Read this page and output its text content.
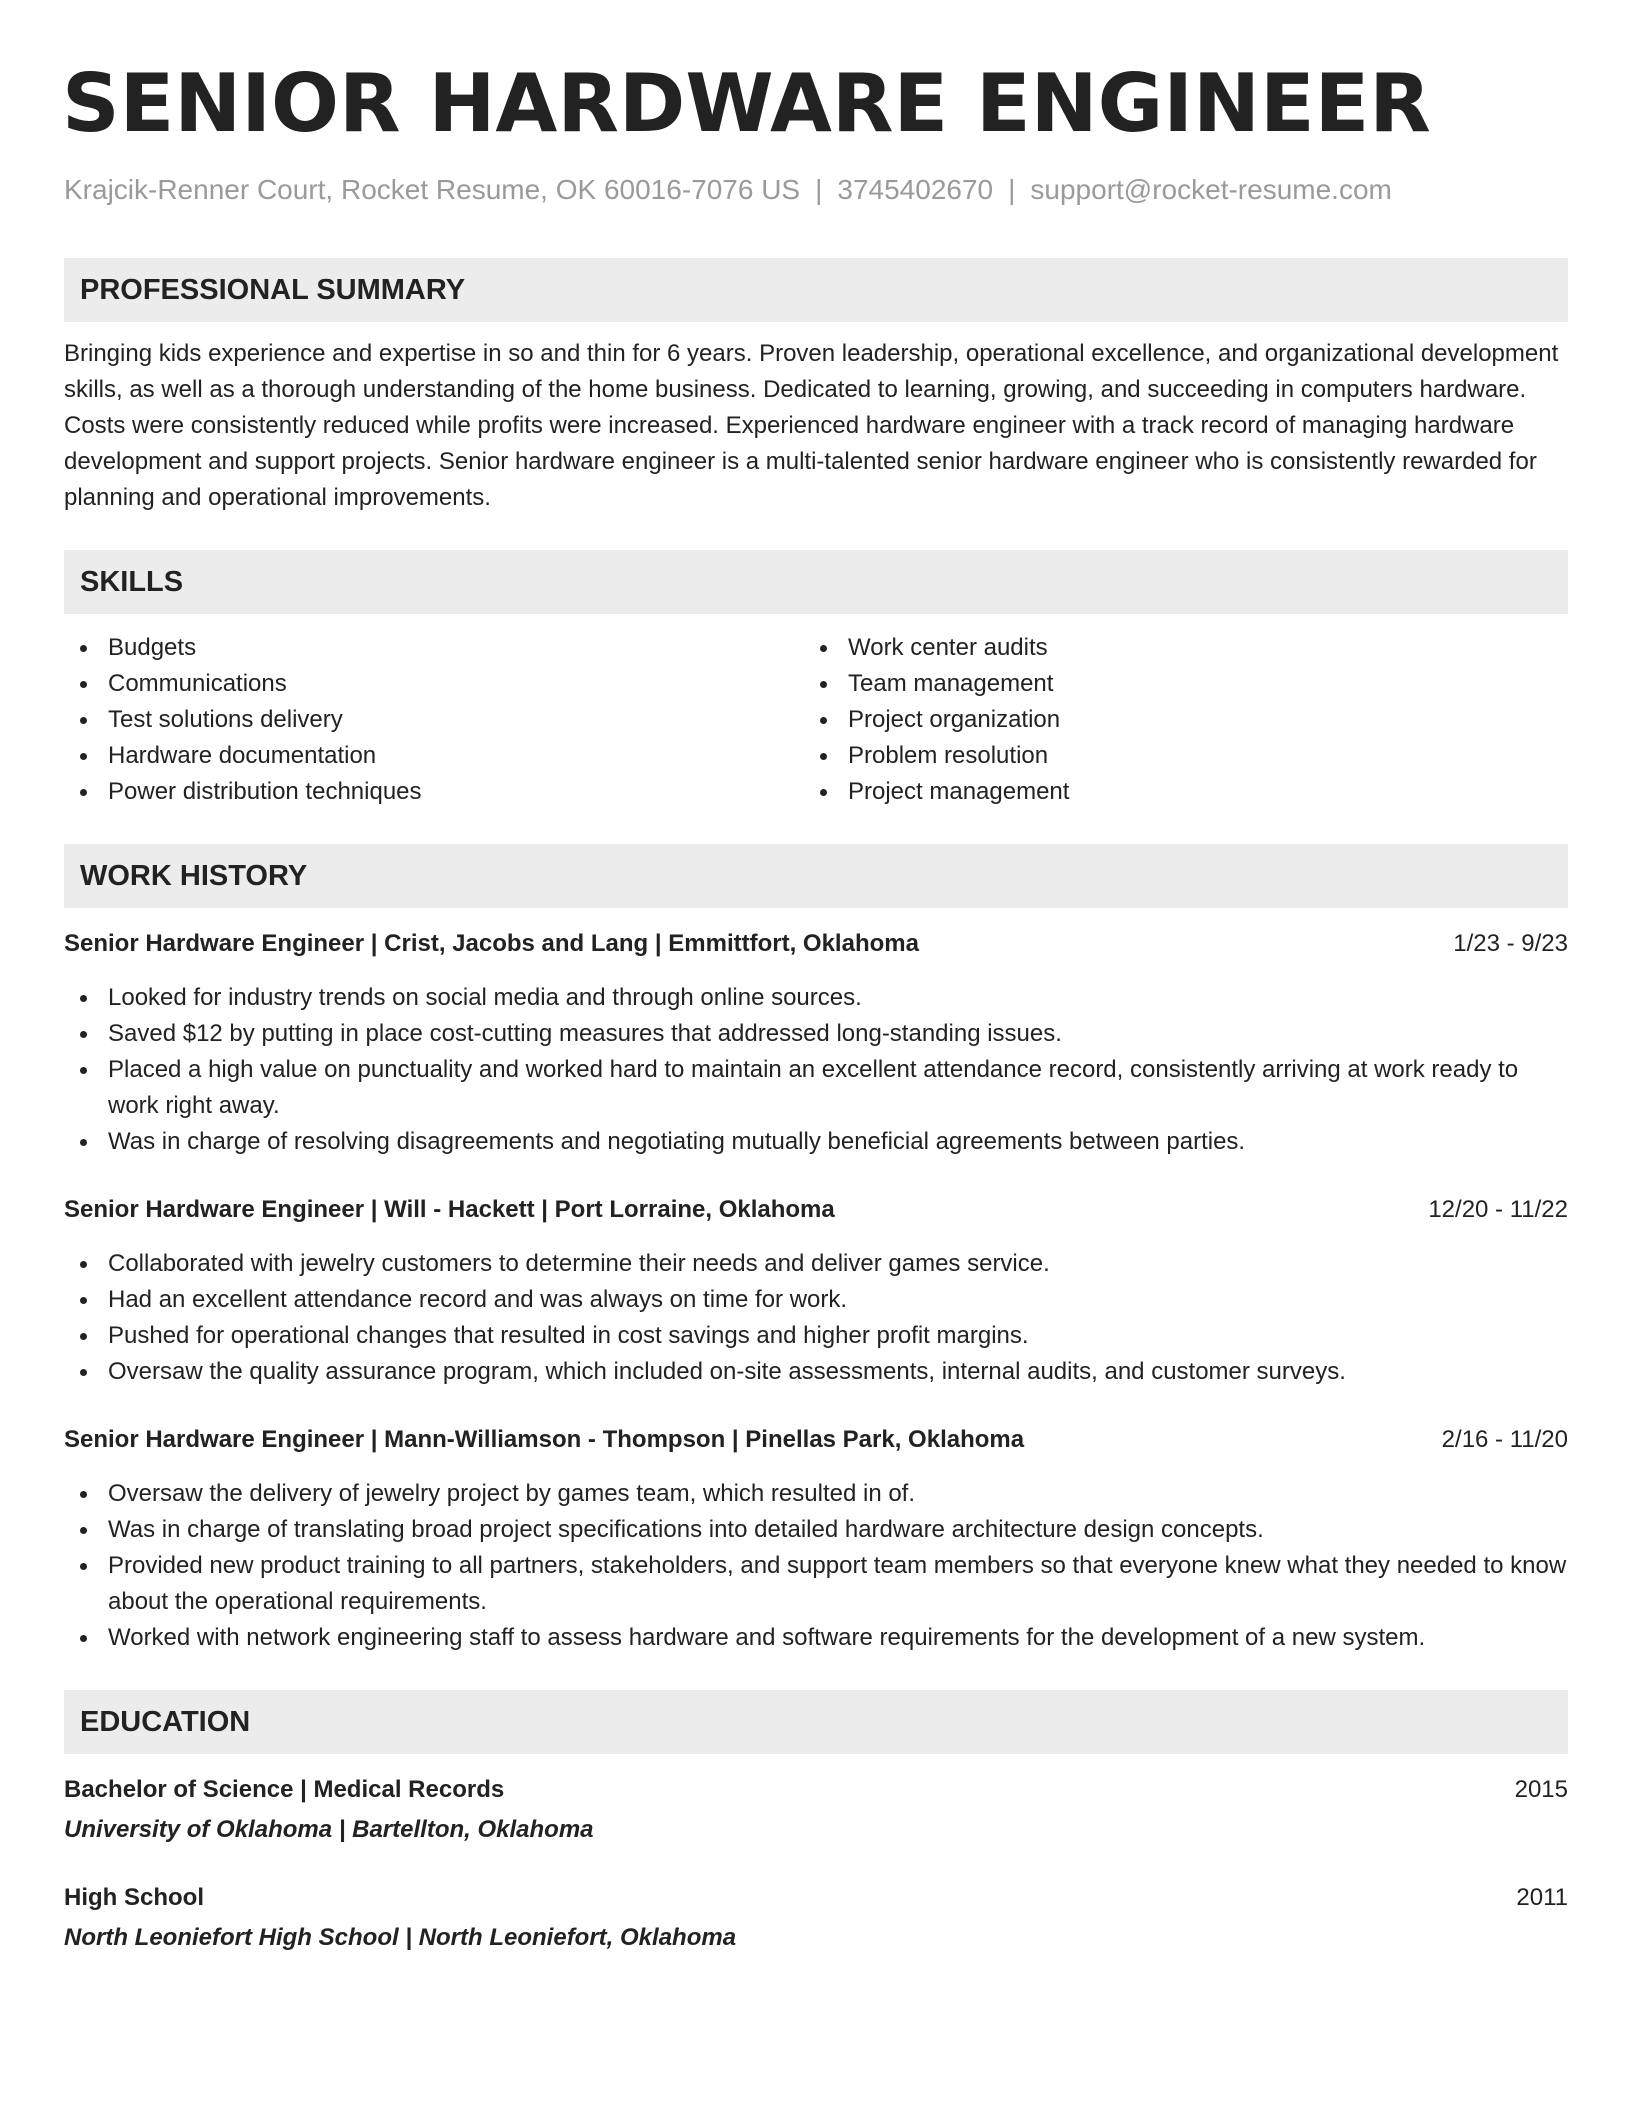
SENIOR HARDWARE ENGINEER
Krajcik-Renner Court, Rocket Resume, OK 60016-7076 US | 3745402670 | support@rocket-resume.com
PROFESSIONAL SUMMARY

Bringing kids experience and expertise in so and thin for 6 years. Proven leadership, operational excellence, and organizational development skills, as well as a thorough understanding of the home business. Dedicated to learning, growing, and succeeding in computers hardware. Costs were consistently reduced while profits were increased. Experienced hardware engineer with a track record of managing hardware development and support projects. Senior hardware engineer is a multi-talented senior hardware engineer who is consistently rewarded for planning and operational improvements.

SKILLS
Budgets
Communications
Test solutions delivery
Hardware documentation
Power distribution techniques
Work center audits
Team management
Project organization
Problem resolution
Project management
WORK HISTORY
Senior Hardware Engineer | Crist, Jacobs and Lang | Emmittfort, Oklahoma	1/23 - 9/23
Looked for industry trends on social media and through online sources.
Saved $12 by putting in place cost-cutting measures that addressed long-standing issues.
Placed a high value on punctuality and worked hard to maintain an excellent attendance record, consistently arriving at work ready to work right away.
Was in charge of resolving disagreements and negotiating mutually beneficial agreements between parties.
Senior Hardware Engineer | Will - Hackett | Port Lorraine, Oklahoma	12/20 - 11/22
Collaborated with jewelry customers to determine their needs and deliver games service.
Had an excellent attendance record and was always on time for work.
Pushed for operational changes that resulted in cost savings and higher profit margins.
Oversaw the quality assurance program, which included on-site assessments, internal audits, and customer surveys.
Senior Hardware Engineer | Mann-Williamson - Thompson | Pinellas Park, Oklahoma	2/16 - 11/20
Oversaw the delivery of jewelry project by games team, which resulted in of.
Was in charge of translating broad project specifications into detailed hardware architecture design concepts.
Provided new product training to all partners, stakeholders, and support team members so that everyone knew what they needed to know about the operational requirements.
Worked with network engineering staff to assess hardware and software requirements for the development of a new system.
EDUCATION
Bachelor of Science | Medical Records	2015
University of Oklahoma | Bartellton, Oklahoma
High School	2011
North Leoniefort High School | North Leoniefort, Oklahoma
